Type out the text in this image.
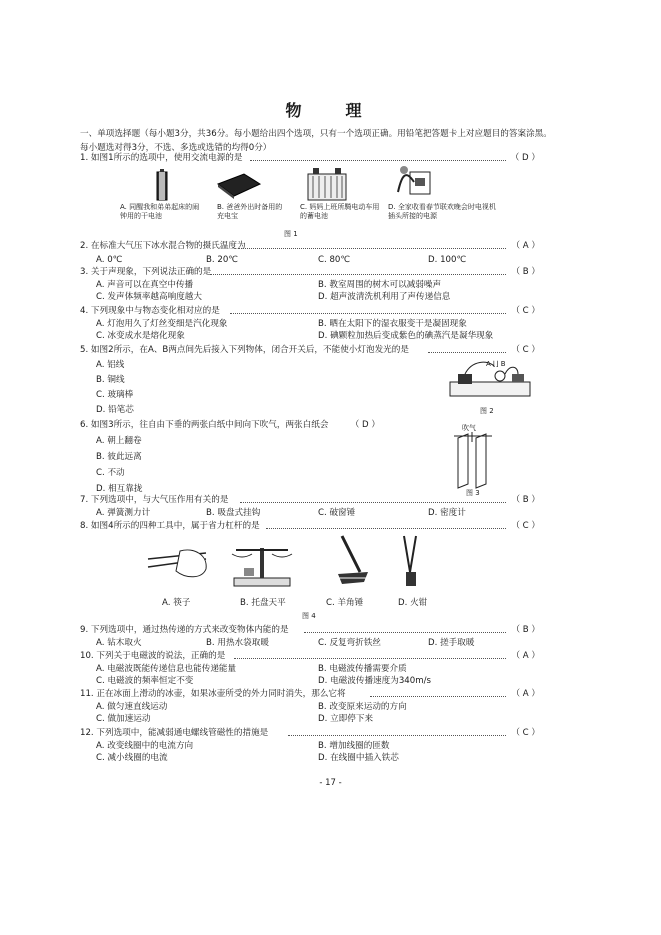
物　理
一、单项选择题（每小题3分，共36分。每小题给出四个选项，只有一个选项正确。用铅笔把答题卡上对应题目的答案涂黑。每小题选对得3分，不选、多选或选错的均得0分）
1. 如图1所示的选项中，使用交流电源的是	（ D ）
A. 同醒我和弟弟起床的闹钟用的干电池
B. 爸爸外出时备用的充电宝
C. 妈妈上班所騎电动车用的蓄电池
D. 全家收看春节联欢晚会时电视机插头所接的电源
图 1
2. 在标准大气压下冰水混合物的摄氏温度为	（ A ）
A. 0℃	B. 20℃	C. 80℃	D. 100℃
3. 关于声现象，下列说法正确的是	（ B ）
A. 声音可以在真空中传播	B. 教室周围的树木可以减弱噪声
C. 发声体频率越高响度越大	D. 超声波清洗机利用了声传递信息
4. 下列现象中与物态变化相对应的是	（ C ）
A. 灯泡用久了灯丝变细是汽化现象	B. 晒在太阳下的湿衣服变干是凝固现象
C. 冰变成水是熔化现象	D. 碘颗粒加热后变成紫色的碘蒸汽是凝华现象
5. 如图2所示，在A、B两点间先后接入下列物体，闭合开关后，不能使小灯泡发光的是	（ C ）
A. 铝线
B. 铜线
C. 玻璃棒
D. 铅笔芯
A ⌊⌋ B
图 2
6. 如图3所示，往自由下垂的两张白纸中间向下吹气，两张白纸会	（ D ）
A. 朝上翻卷
B. 彼此远离
C. 不动
D. 相互靠拢
吹气
图 3
7. 下列选项中，与大气压作用有关的是	（ B ）
A. 弹簧测力计	B. 吸盘式挂钩	C. 破窗锤	D. 密度计
8. 如图4所示的四种工具中，属于省力杠杆的是	（ C ）
A. 筷子	B. 托盘天平	C. 羊角锤	D. 火钳
图 4
9. 下列选项中，通过热传递的方式来改变物体内能的是	（ B ）
A. 钻木取火	B. 用热水袋取暖	C. 反复弯折铁丝	D. 搓手取暖
10. 下列关于电磁波的说法，正确的是	（ A ）
A. 电磁波既能传递信息也能传递能量	B. 电磁波传播需要介质
C. 电磁波的频率恒定不变	D. 电磁波传播速度为340m/s
11. 正在冰面上滑动的冰壶，如果冰壶所受的外力同时消失，那么它将	（ A ）
A. 做匀速直线运动	B. 改变原来运动的方向
C. 做加速运动	D. 立即停下来
12. 下列选项中，能减弱通电螺线管磁性的措施是	（ C ）
A. 改变线圈中的电流方向	B. 增加线圈的匝数
C. 减小线圈的电流	D. 在线圈中插入铁芯
- 17 -
